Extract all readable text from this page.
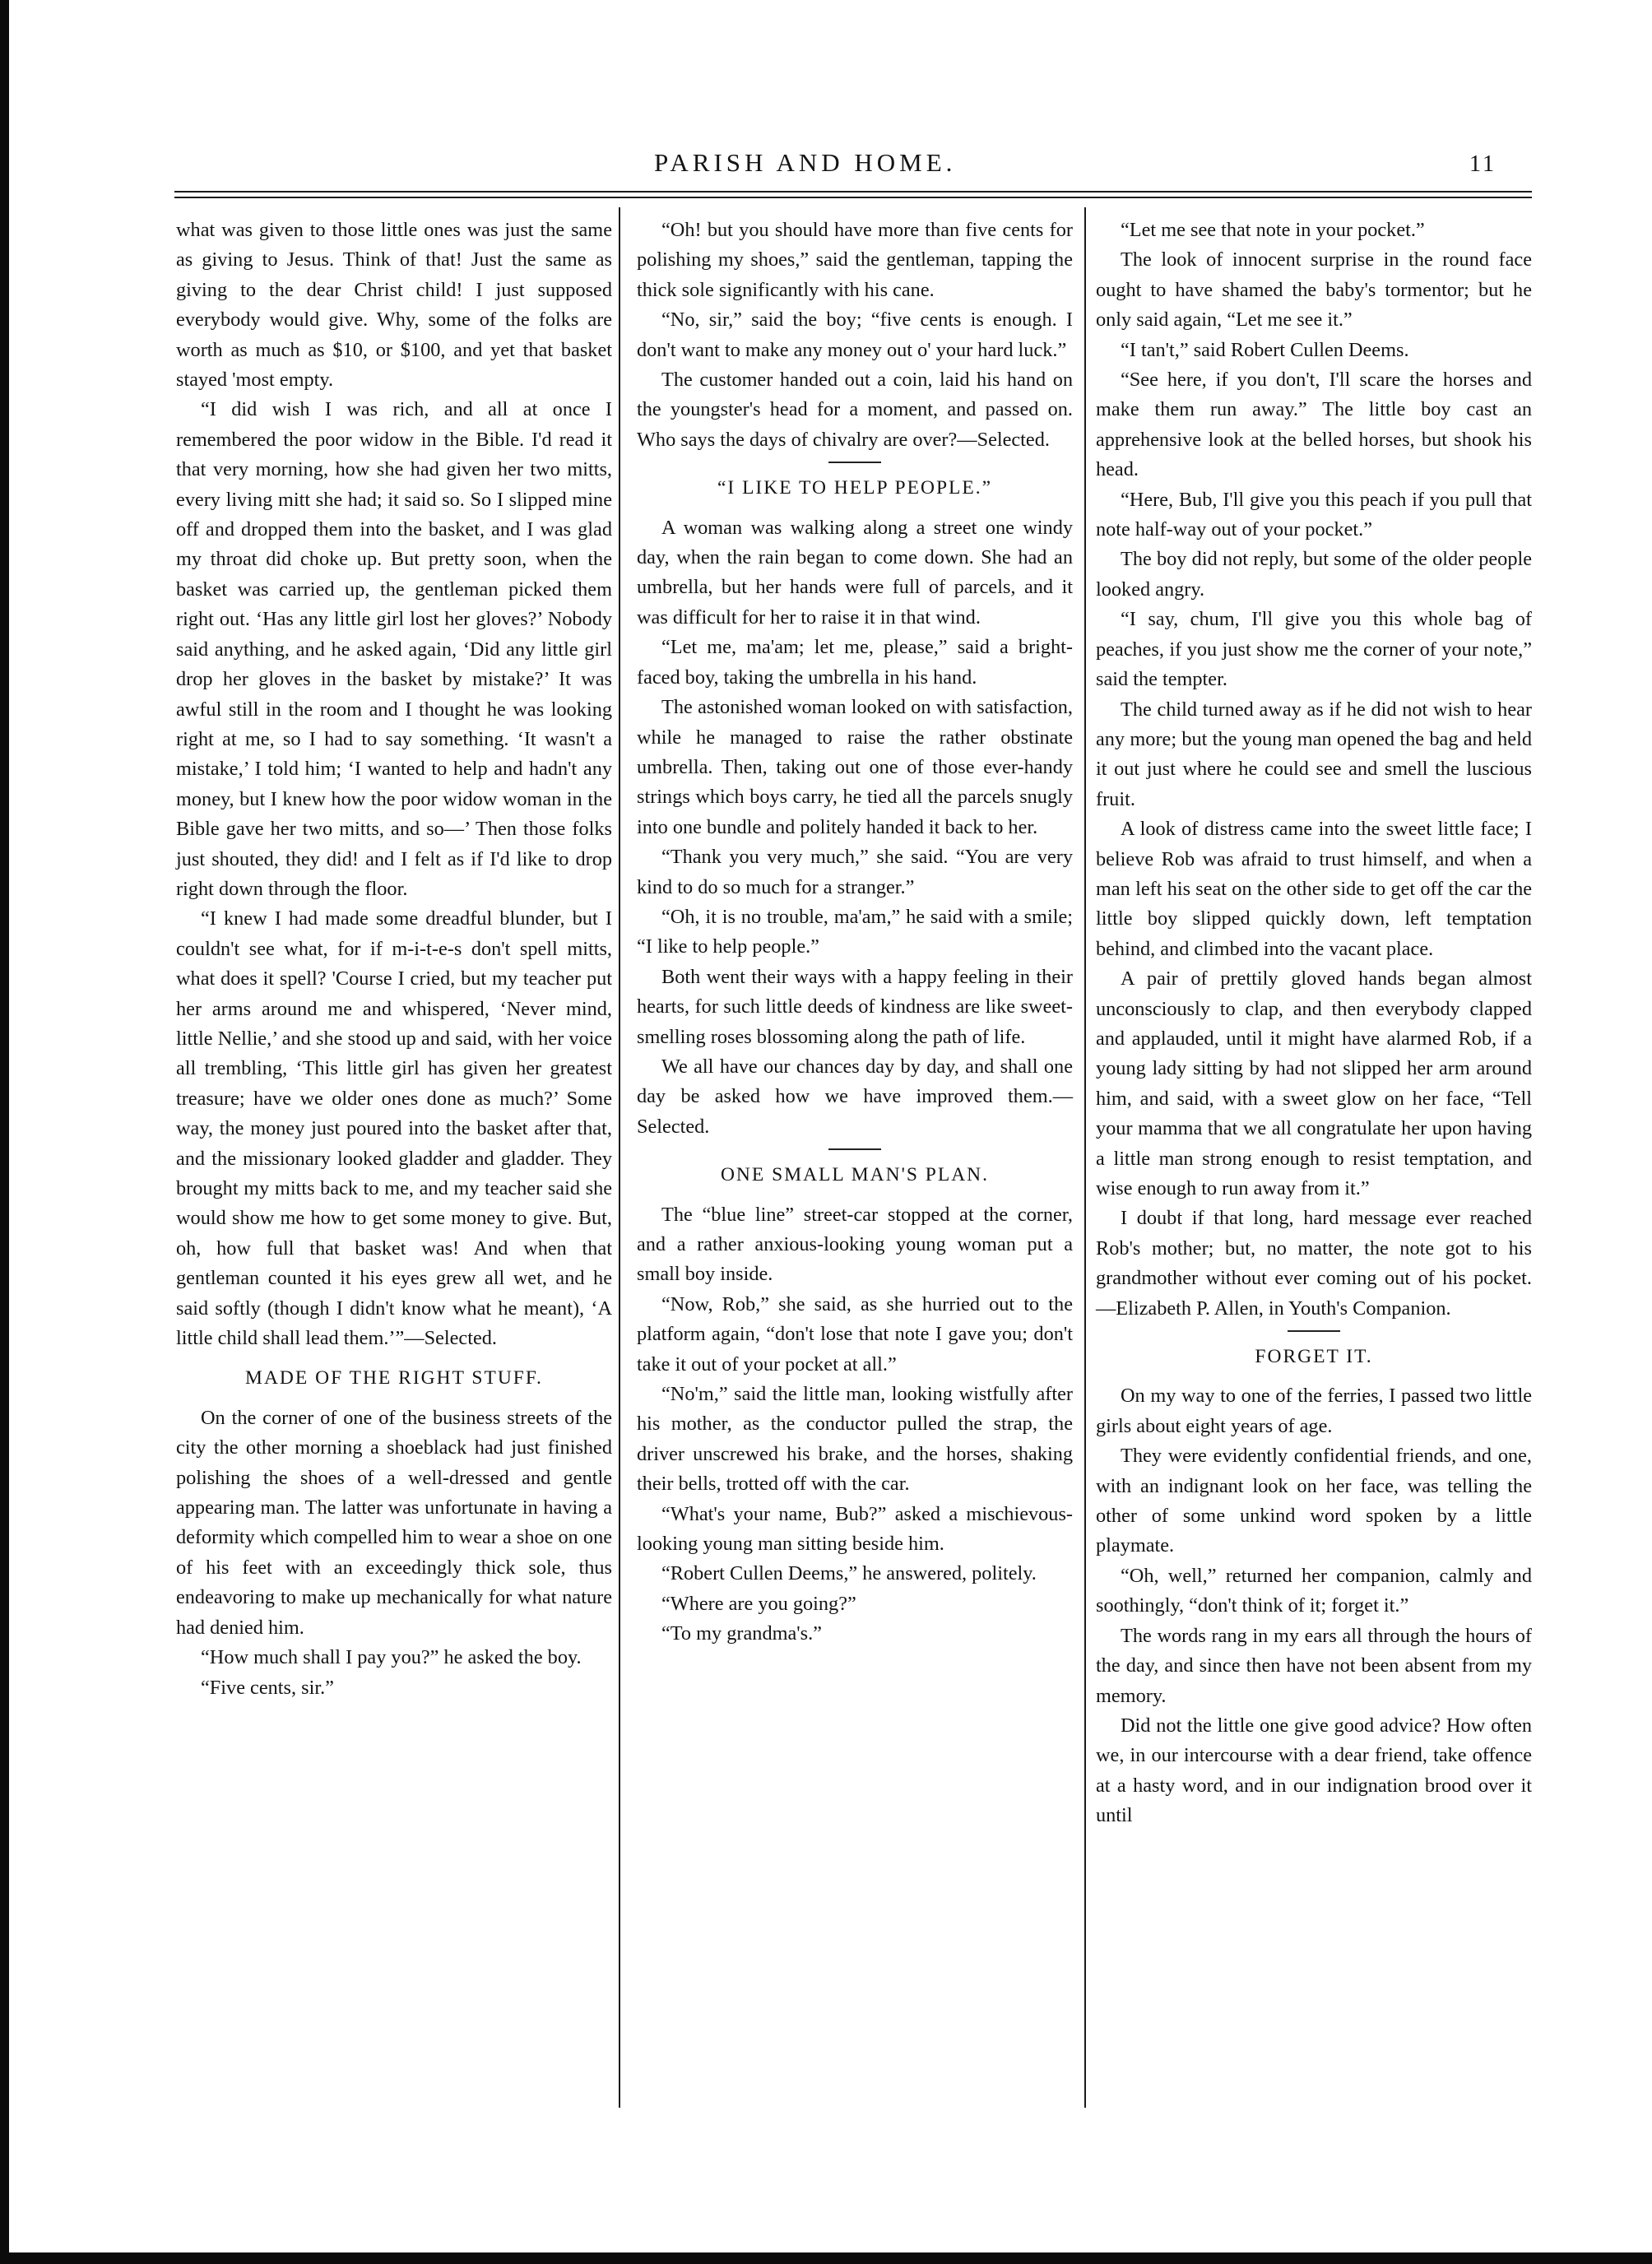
PARISH AND HOME.	11

what was given to those little ones was just the same as giving to Jesus. Think of that! Just the same as giving to the dear Christ child! I just supposed everybody would give. Why, some of the folks are worth as much as $10, or $100, and yet that basket stayed 'most empty.

“I did wish I was rich, and all at once I remembered the poor widow in the Bible. I'd read it that very morning, how she had given her two mitts, every living mitt she had; it said so. So I slipped mine off and dropped them into the basket, and I was glad my throat did choke up. But pretty soon, when the basket was carried up, the gentleman picked them right out. ‘Has any little girl lost her gloves?’ Nobody said anything, and he asked again, ‘Did any little girl drop her gloves in the basket by mistake?’ It was awful still in the room and I thought he was looking right at me, so I had to say something. ‘It wasn't a mistake,’ I told him; ‘I wanted to help and hadn't any money, but I knew how the poor widow woman in the Bible gave her two mitts, and so—’ Then those folks just shouted, they did! and I felt as if I'd like to drop right down through the floor.

“I knew I had made some dreadful blunder, but I couldn't see what, for if m-i-t-e-s don't spell mitts, what does it spell? 'Course I cried, but my teacher put her arms around me and whispered, ‘Never mind, little Nellie,’ and she stood up and said, with her voice all trembling, ‘This little girl has given her greatest treasure; have we older ones done as much?’ Some way, the money just poured into the basket after that, and the missionary looked gladder and gladder. They brought my mitts back to me, and my teacher said she would show me how to get some money to give. But, oh, how full that basket was! And when that gentleman counted it his eyes grew all wet, and he said softly (though I didn't know what he meant), ‘A little child shall lead them.’”—Selected.

MADE OF THE RIGHT STUFF.

On the corner of one of the business streets of the city the other morning a shoeblack had just finished polishing the shoes of a well-dressed and gentle appearing man. The latter was unfortunate in having a deformity which compelled him to wear a shoe on one of his feet with an exceedingly thick sole, thus endeavoring to make up mechanically for what nature had denied him.

“How much shall I pay you?” he asked the boy.

“Five cents, sir.”

“Oh! but you should have more than five cents for polishing my shoes,” said the gentleman, tapping the thick sole significantly with his cane.

“No, sir,” said the boy; “five cents is enough. I don't want to make any money out o' your hard luck.”

The customer handed out a coin, laid his hand on the youngster's head for a moment, and passed on. Who says the days of chivalry are over?—Selected.

“I LIKE TO HELP PEOPLE.”

A woman was walking along a street one windy day, when the rain began to come down. She had an umbrella, but her hands were full of parcels, and it was difficult for her to raise it in that wind.

“Let me, ma'am; let me, please,” said a bright-faced boy, taking the umbrella in his hand.

The astonished woman looked on with satisfaction, while he managed to raise the rather obstinate umbrella. Then, taking out one of those ever-handy strings which boys carry, he tied all the parcels snugly into one bundle and politely handed it back to her.

“Thank you very much,” she said. “You are very kind to do so much for a stranger.”

“Oh, it is no trouble, ma'am,” he said with a smile; “I like to help people.”

Both went their ways with a happy feeling in their hearts, for such little deeds of kindness are like sweet-smelling roses blossoming along the path of life.

We all have our chances day by day, and shall one day be asked how we have improved them.—Selected.

ONE SMALL MAN'S PLAN.

The “blue line” street-car stopped at the corner, and a rather anxious-looking young woman put a small boy inside.

“Now, Rob,” she said, as she hurried out to the platform again, “don't lose that note I gave you; don't take it out of your pocket at all.”

“No'm,” said the little man, looking wistfully after his mother, as the conductor pulled the strap, the driver unscrewed his brake, and the horses, shaking their bells, trotted off with the car.

“What's your name, Bub?” asked a mischievous-looking young man sitting beside him.

“Robert Cullen Deems,” he answered, politely.

“Where are you going?”

“To my grandma's.”

“Let me see that note in your pocket.”

The look of innocent surprise in the round face ought to have shamed the baby's tormentor; but he only said again, “Let me see it.”

“I tan't,” said Robert Cullen Deems.

“See here, if you don't, I'll scare the horses and make them run away.” The little boy cast an apprehensive look at the belled horses, but shook his head.

“Here, Bub, I'll give you this peach if you pull that note half-way out of your pocket.”

The boy did not reply, but some of the older people looked angry.

“I say, chum, I'll give you this whole bag of peaches, if you just show me the corner of your note,” said the tempter.

The child turned away as if he did not wish to hear any more; but the young man opened the bag and held it out just where he could see and smell the luscious fruit.

A look of distress came into the sweet little face; I believe Rob was afraid to trust himself, and when a man left his seat on the other side to get off the car the little boy slipped quickly down, left temptation behind, and climbed into the vacant place.

A pair of prettily gloved hands began almost unconsciously to clap, and then everybody clapped and applauded, until it might have alarmed Rob, if a young lady sitting by had not slipped her arm around him, and said, with a sweet glow on her face, “Tell your mamma that we all congratulate her upon having a little man strong enough to resist temptation, and wise enough to run away from it.”

I doubt if that long, hard message ever reached Rob's mother; but, no matter, the note got to his grandmother without ever coming out of his pocket.—Elizabeth P. Allen, in Youth's Companion.

FORGET IT.

On my way to one of the ferries, I passed two little girls about eight years of age.

They were evidently confidential friends, and one, with an indignant look on her face, was telling the other of some unkind word spoken by a little playmate.

“Oh, well,” returned her companion, calmly and soothingly, “don't think of it; forget it.”

The words rang in my ears all through the hours of the day, and since then have not been absent from my memory.

Did not the little one give good advice? How often we, in our intercourse with a dear friend, take offence at a hasty word, and in our indignation brood over it until
